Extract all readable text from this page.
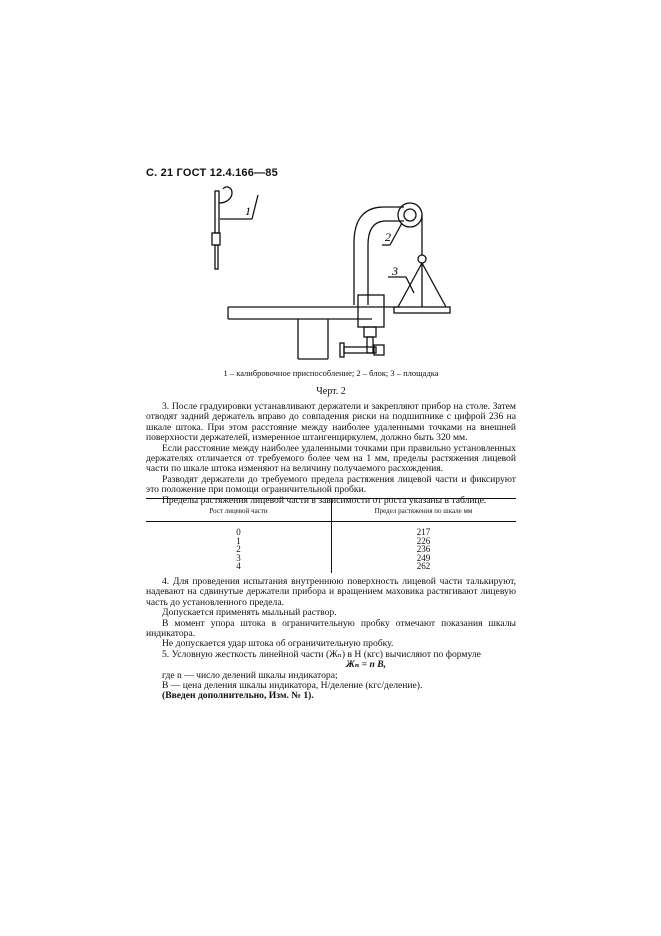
С. 21 ГОСТ 12.4.166—85
1
2
3
1 – калибровочное приспособление; 2 – блок; 3 – площадка
Черт. 2

3. После градуировки устанавливают держатели и закрепляют прибор на столе. Затем отводят задний держатель вправо до совпадения риски на подшипнике с цифрой 236 на шкале штока. При этом расстояние между наиболее удаленными точками на внешней поверхности держателей, измеренное штангенциркулем, должно быть 320 мм.

Если расстояние между наиболее удаленными точками при правильно установленных держателях отличается от требуемого более чем на 1 мм, пределы растяжения лицевой части по шкале штока изменяют на величину получаемого расхождения.

Разводят держатели до требуемого предела растяжения лицевой части и фиксируют это положение при помощи ограничительной пробки.

Пределы растяжения лицевой части в зависимости от роста указаны в таблице.

Рост лицевой части	Предел растяжения по шкале мм
0
1
2
3
4
217
226
236
249
262

4. Для проведения испытания внутреннюю поверхность лицевой части талькируют, надевают на сдвинутые держатели прибора и вращением маховика растягивают лицевую часть до установленного предела.

Допускается применять мыльный раствор.

В момент упора штока в ограничительную пробку отмечают показания шкалы индикатора.

Не допускается удар штока об ограничительную пробку.

5. Условную жесткость линейной части (Жₙ) в Н (кгс) вычисляют по формуле

Жₙ = n B,

где n — число делений шкалы индикатора;

B — цена деления шкалы индикатора, Н/деление (кгс/деление).

(Введен дополнительно, Изм. № 1).
